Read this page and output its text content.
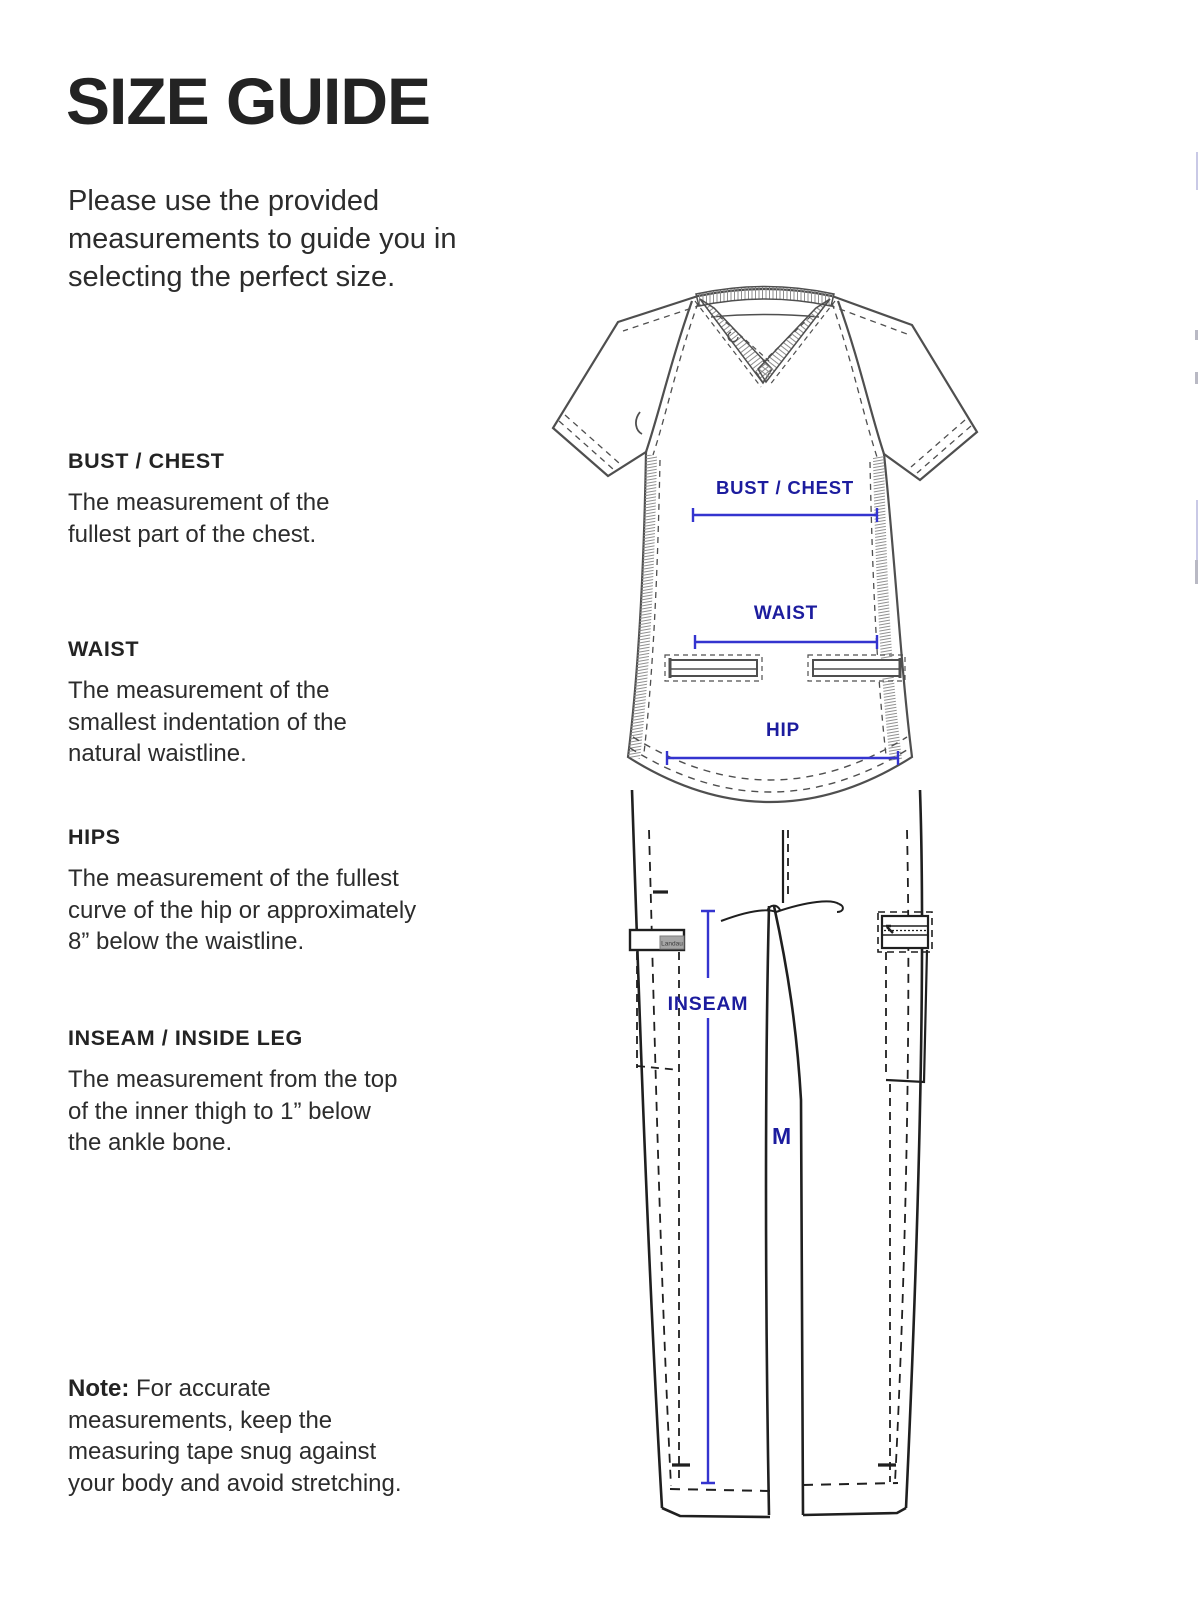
SIZE GUIDE
Please use the provided
measurements to guide you in
selecting the perfect size.
BUST / CHEST
The measurement of the
fullest part of the chest.
WAIST
The measurement of the
smallest indentation of the
natural waistline.
HIPS
The measurement of the fullest
curve of the hip or approximately
8” below the waistline.
INSEAM / INSIDE LEG
The measurement from the top
of the inner thigh to 1” below
the ankle bone.
Note: For accurate
measurements, keep the
measuring tape snug against
your body and avoid stretching.
Landau
BUST / CHEST
WAIST
HIP
INSEAM
M
